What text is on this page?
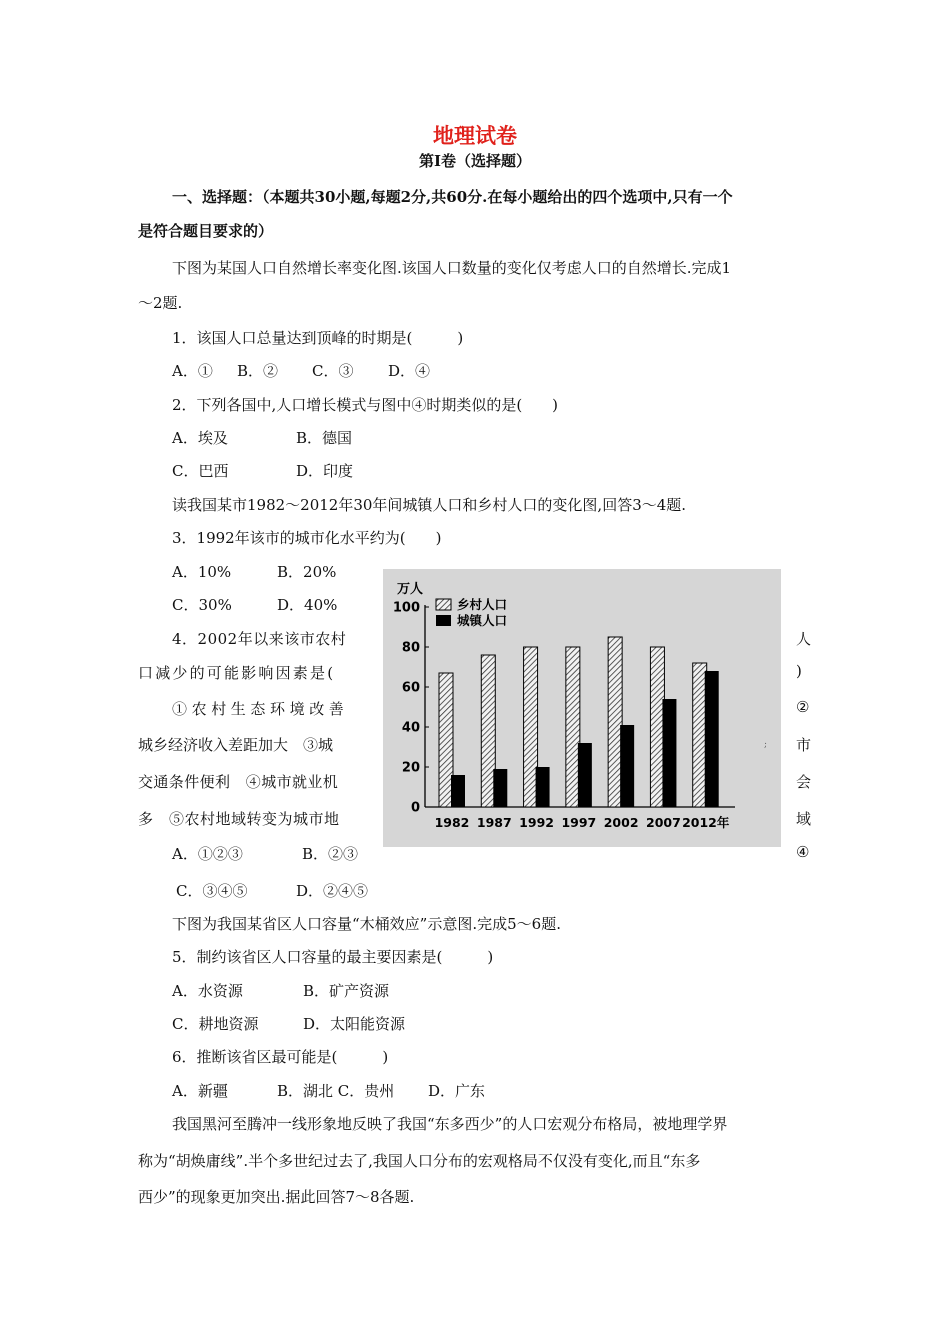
地理试卷
第Ⅰ卷（选择题）
一、选择题：（本题共30小题,每题2分,共60分.在每小题给出的四个选项中,只有一个
是符合题目要求的）
下图为某国人口自然增长率变化图.该国人口数量的变化仅考虑人口的自然增长.完成1
～2题.
1．该国人口总量达到顶峰的时期是(　　　)
A．① B．② C．③ D．④
2．下列各国中,人口增长模式与图中④时期类似的是(　　)
A．埃及	B．德国
C．巴西	D．印度
读我国某市1982～2012年30年间城镇人口和乡村人口的变化图,回答3～4题.
3．1992年该市的城市化水平约为(　　)
A．10%	B．20%
C．30%	D．40%
4．2002年以来该市农村	人
口减少的可能影响因素是(	)
①农村生态环境改善	②
城乡经济收入差距加大　③城	市
交通条件便利　④城市就业机	会
多　⑤农村地域转变为城市地	域
A．①②③	B．②③	④
C．③④⑤	D．②④⑤
万人
0
20
40
60
80
100
1982 1987 1992 1997 2002 2007 2012年
乡村人口
城镇人口
;
下图为我国某省区人口容量“木桶效应”示意图.完成5～6题.
5．制约该省区人口容量的最主要因素是(　　　)
A．水资源	B．矿产资源
C．耕地资源	D．太阳能资源
6．推断该省区最可能是(　　　)
A．新疆	B．湖北 C．贵州 D．广东
我国黑河至腾冲一线形象地反映了我国“东多西少”的人口宏观分布格局，被地理学界
称为“胡焕庸线”.半个多世纪过去了,我国人口分布的宏观格局不仅没有变化,而且“东多
西少”的现象更加突出.据此回答7～8各题.
